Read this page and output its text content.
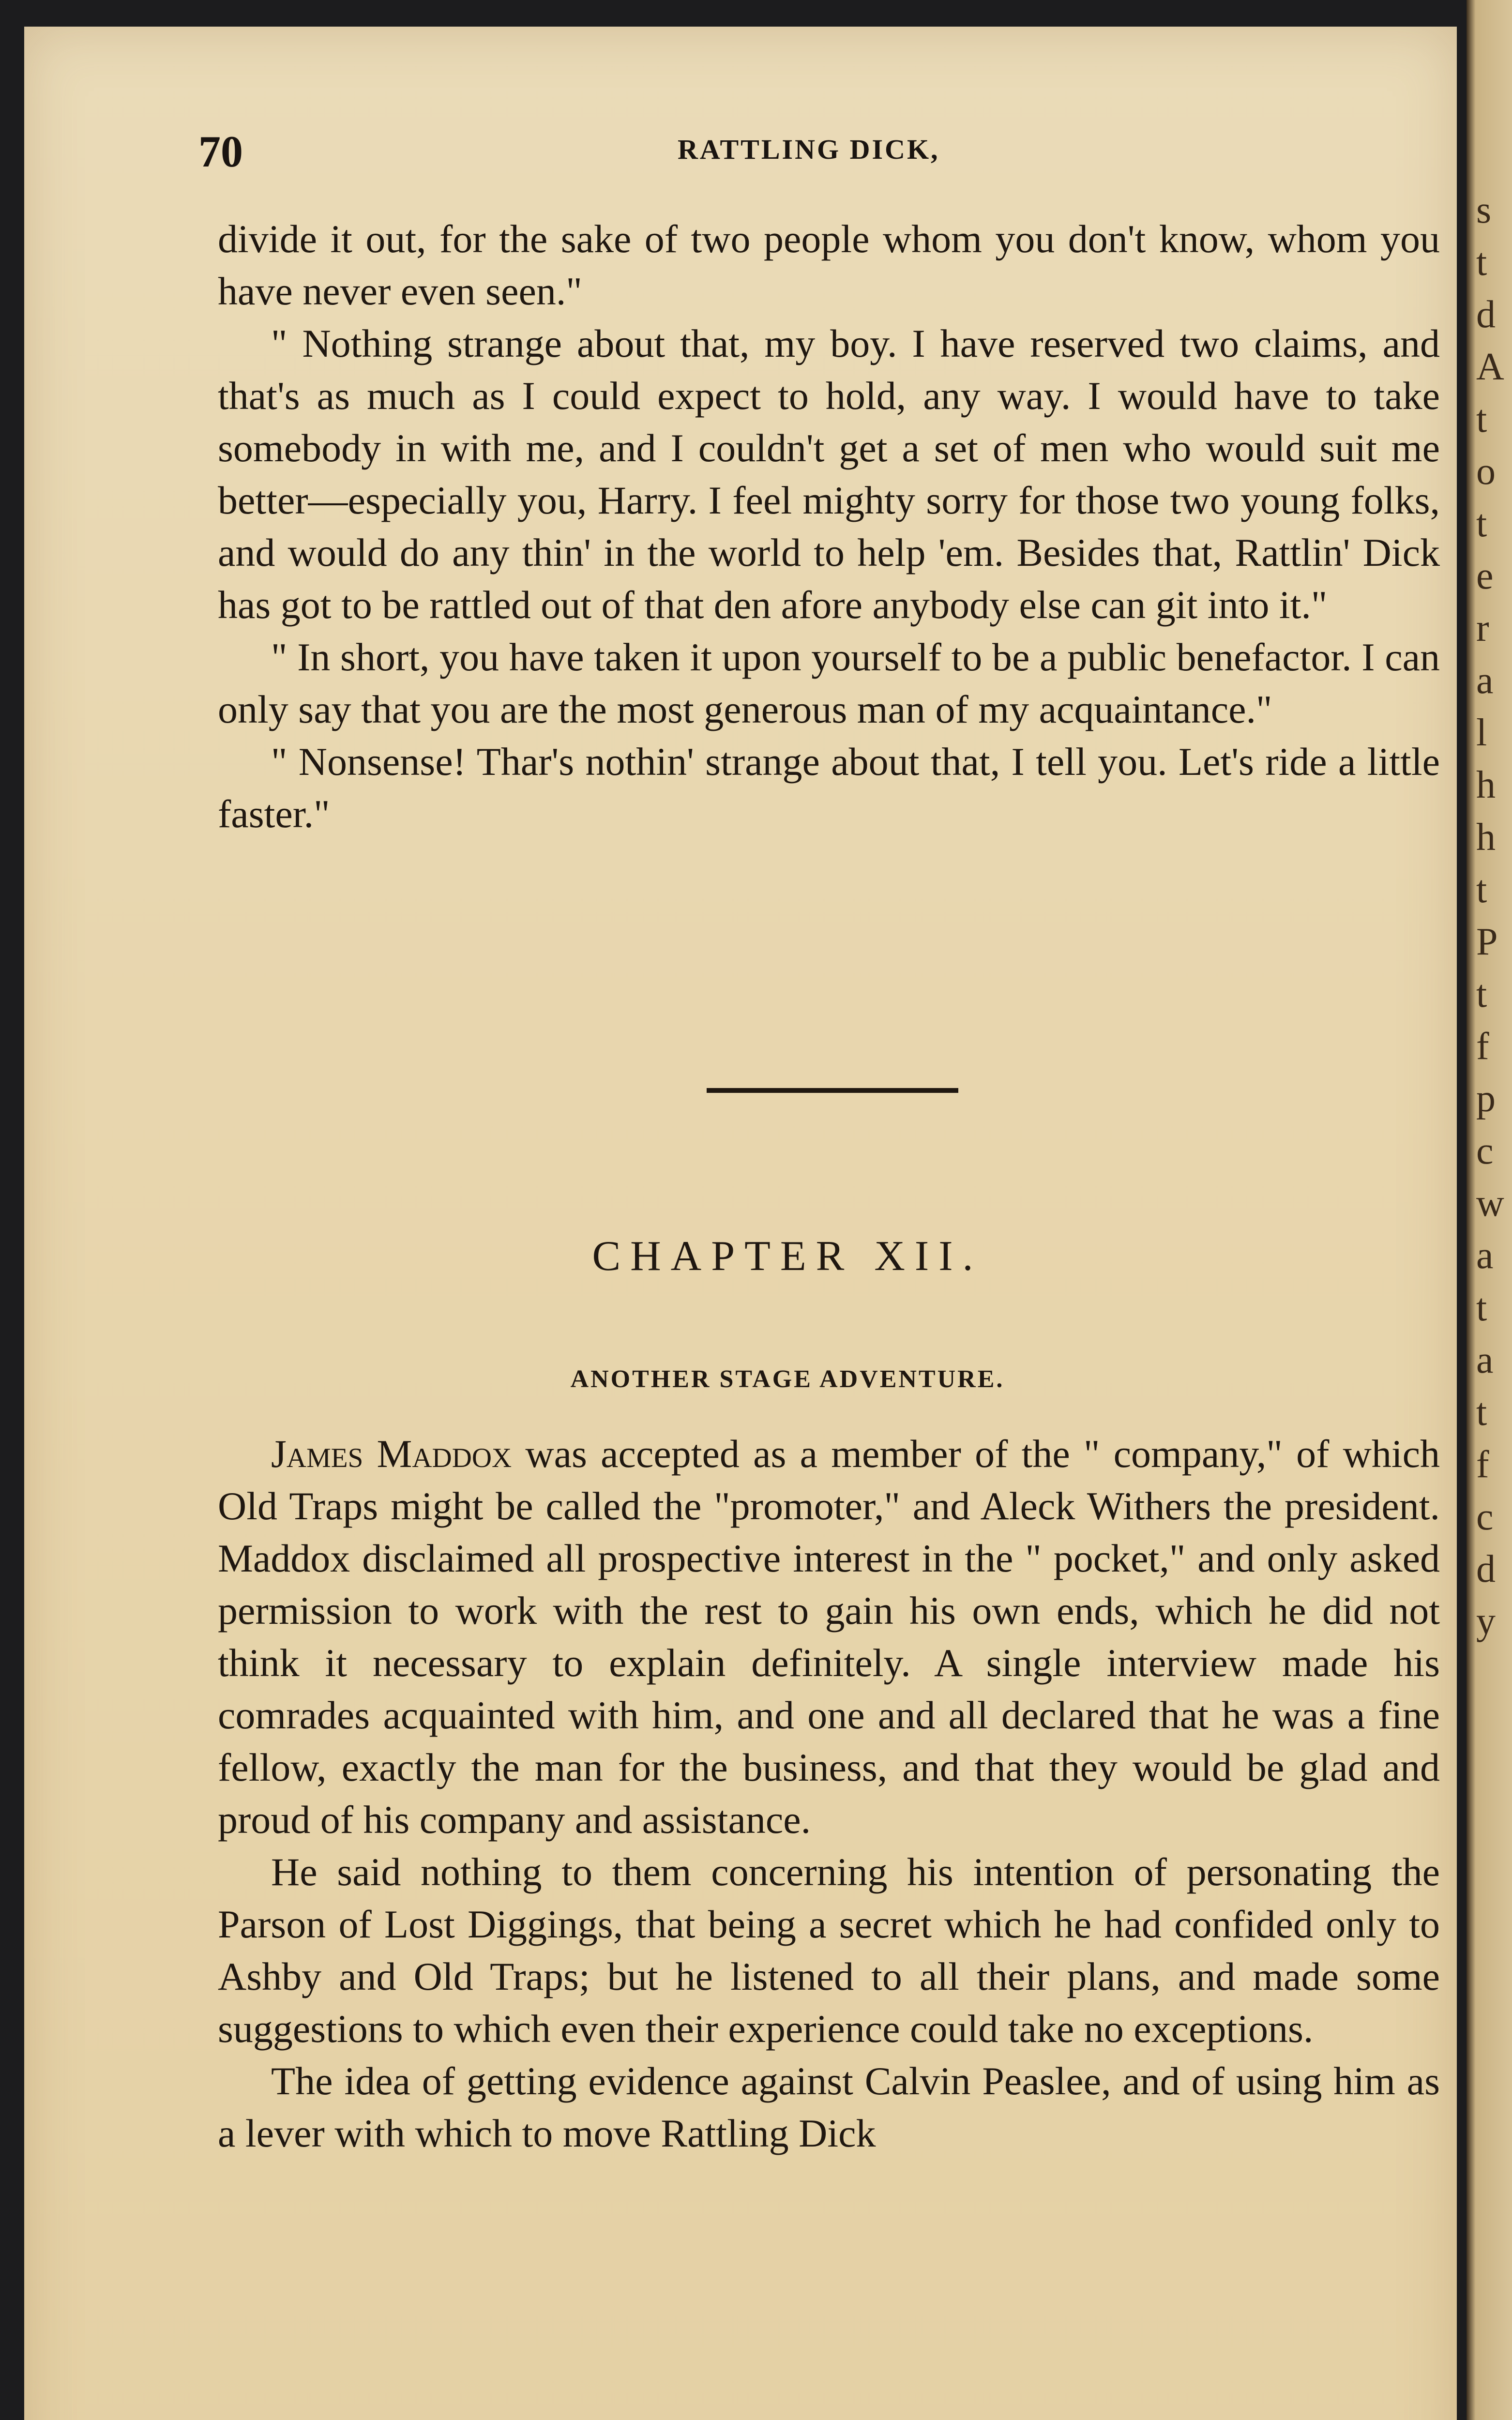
s
t
d
A
t
o
t
e
r
a
l
h
h
t
P
t
f
p
c
w
a
t
a
t
f
c
d
y
70	RATTLING DICK,

divide it out, for the sake of two people whom you don't know, whom you have never even seen."

" Nothing strange about that, my boy. I have reserved two claims, and that's as much as I could expect to hold, any way. I would have to take somebody in with me, and I couldn't get a set of men who would suit me better—especially you, Harry. I feel mighty sorry for those two young folks, and would do any thin' in the world to help 'em. Besides that, Rattlin' Dick has got to be rattled out of that den afore anybody else can git into it."

" In short, you have taken it upon yourself to be a public benefactor. I can only say that you are the most generous man of my acquaintance."

" Nonsense! Thar's nothin' strange about that, I tell you. Let's ride a little faster."

CHAPTER XII.
ANOTHER STAGE ADVENTURE.

James Maddox was accepted as a member of the " company," of which Old Traps might be called the "promoter," and Aleck Withers the president. Maddox disclaimed all prospective interest in the " pocket," and only asked permission to work with the rest to gain his own ends, which he did not think it necessary to explain definitely. A single interview made his comrades acquainted with him, and one and all declared that he was a fine fellow, exactly the man for the business, and that they would be glad and proud of his company and assistance.

He said nothing to them concerning his intention of personating the Parson of Lost Diggings, that being a secret which he had confided only to Ashby and Old Traps; but he listened to all their plans, and made some suggestions to which even their experience could take no exceptions.

The idea of getting evidence against Calvin Peaslee, and of using him as a lever with which to move Rattling Dick
